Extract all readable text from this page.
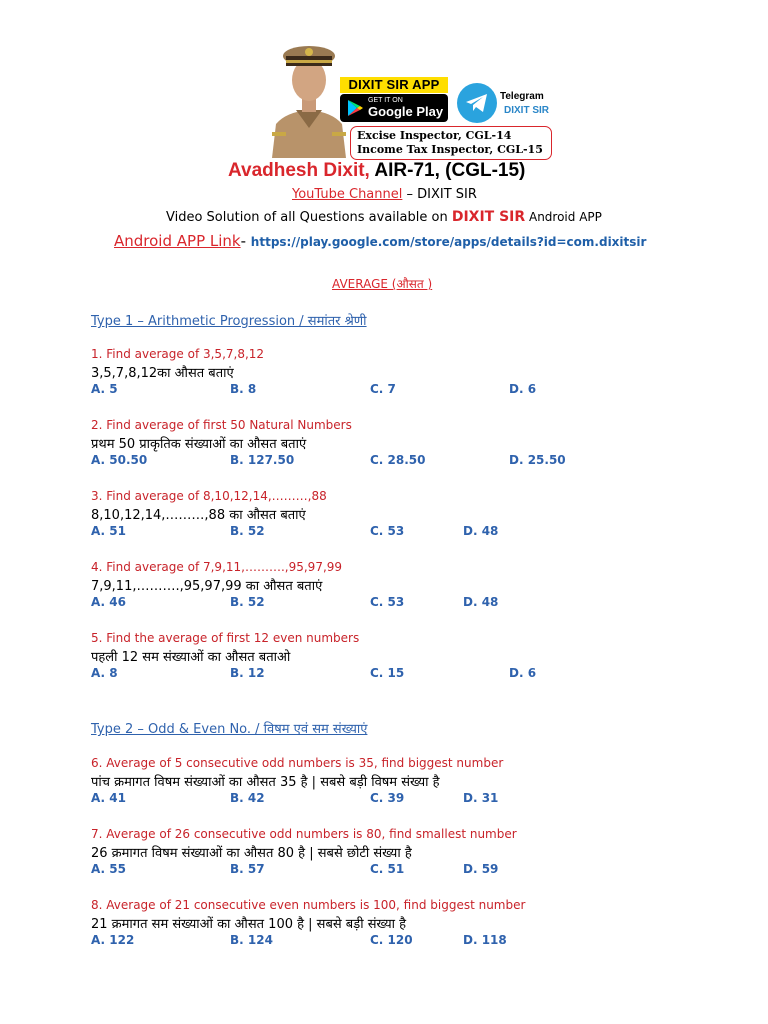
DIXIT SIR APP
GET IT ON
Google Play
Telegram
DIXIT SIR
Excise Inspector, CGL-14
Income Tax Inspector, CGL-15
Avadhesh Dixit, AIR-71, (CGL-15)
YouTube Channel – DIXIT SIR
Video Solution of all Questions available on DIXIT SIR Android APP
Android APP Link- https://play.google.com/store/apps/details?id=com.dixitsir
AVERAGE (औसत )
Type 1 – Arithmetic Progression / समांतर श्रेणी
1. Find average of 3,5,7,8,12
3,5,7,8,12का औसत बताएं
A. 5	B. 8	C. 7	D. 6
2. Find average of first 50 Natural Numbers
प्रथम 50 प्राकृतिक संख्याओं का औसत बताएं
A. 50.50	B. 127.50	C. 28.50	D. 25.50
3. Find average of 8,10,12,14,………,88
8,10,12,14,………,88 का औसत बताएं
A. 51	B. 52	C. 53	D. 48
4. Find average of 7,9,11,……….,95,97,99
7,9,11,……….,95,97,99 का औसत बताएं
A. 46	B. 52	C. 53	D. 48
5. Find the average of first 12 even numbers
पहली 12 सम संख्याओं का औसत बताओ
A. 8	B. 12	C. 15	D. 6
Type 2 – Odd & Even No. / विषम एवं सम संख्याएं
6. Average of 5 consecutive odd numbers is 35, find biggest number
पांच क्रमागत विषम संख्याओं का औसत 35 है | सबसे बड़ी विषम संख्या है
A. 41	B. 42	C. 39	D. 31
7. Average of 26 consecutive odd numbers is 80, find smallest number
26 क्रमागत विषम संख्याओं का औसत 80 है | सबसे छोटी संख्या है
A. 55	B. 57	C. 51	D. 59
8. Average of 21 consecutive even numbers is 100, find biggest number
21 क्रमागत सम संख्याओं का औसत 100 है | सबसे बड़ी संख्या है
A. 122	B. 124	C. 120	D. 118
